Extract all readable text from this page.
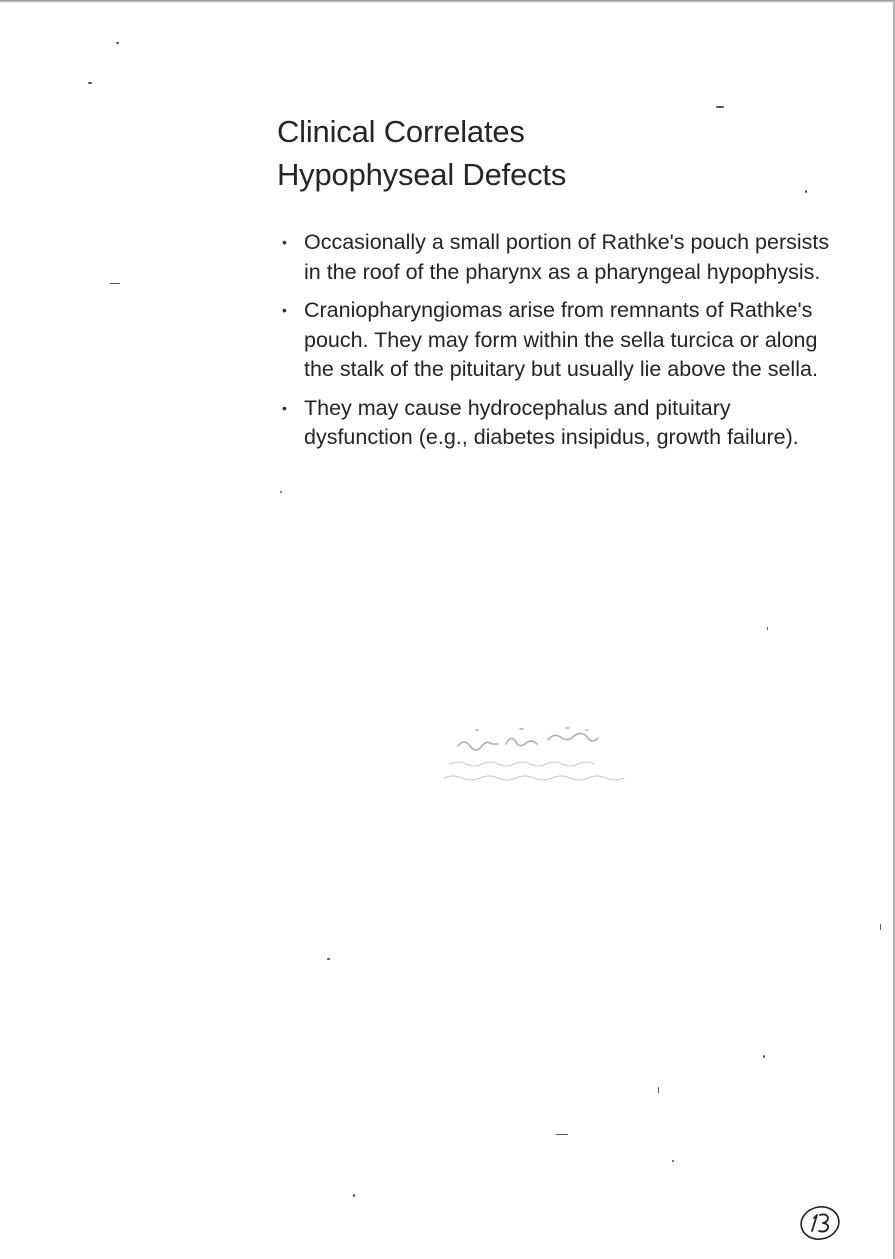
Clinical Correlates
Hypophyseal Defects
• Occasionally a small portion of Rathke's pouch persists in the roof of the pharynx as a pharyngeal hypophysis.
• Craniopharyngiomas arise from remnants of Rathke's pouch. They may form within the sella turcica or along the stalk of the pituitary but usually lie above the sella.
• They may cause hydrocephalus and pituitary dysfunction (e.g., diabetes insipidus, growth failure).
